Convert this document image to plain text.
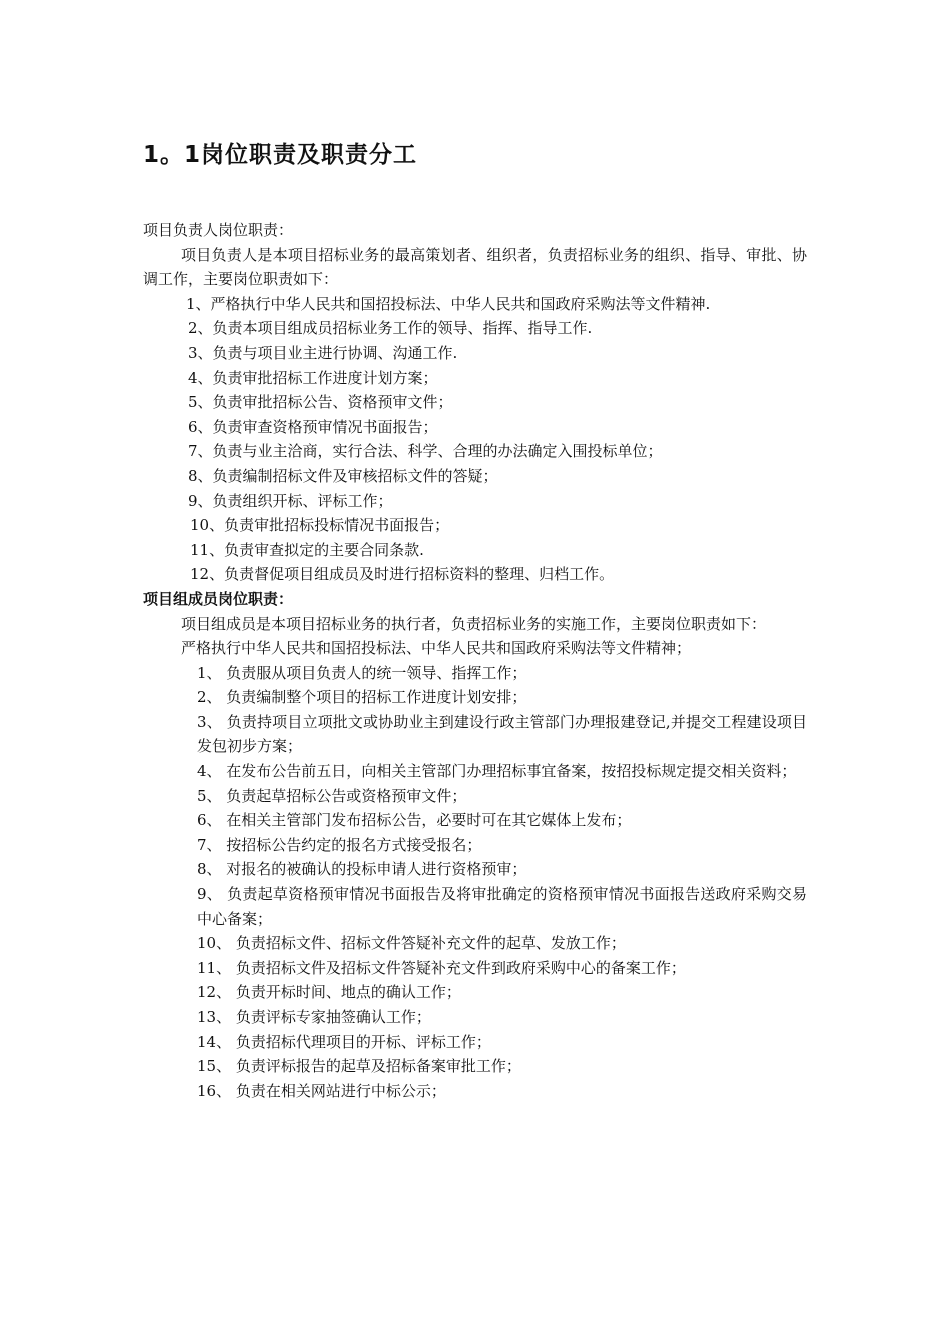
1。1岗位职责及职责分工

项目负责人岗位职责：

项目负责人是本项目招标业务的最高策划者、组织者，负责招标业务的组织、指导、审批、协调工作，主要岗位职责如下：

1、严格执行中华人民共和国招投标法、中华人民共和国政府采购法等文件精神.

2、负责本项目组成员招标业务工作的领导、指挥、指导工作.

3、负责与项目业主进行协调、沟通工作.

4、负责审批招标工作进度计划方案；

5、负责审批招标公告、资格预审文件；

6、负责审查资格预审情况书面报告；

7、负责与业主洽商，实行合法、科学、合理的办法确定入围投标单位；

8、负责编制招标文件及审核招标文件的答疑；

9、负责组织开标、评标工作；

10、负责审批招标投标情况书面报告；

11、负责审查拟定的主要合同条款.

12、负责督促项目组成员及时进行招标资料的整理、归档工作。

项目组成员岗位职责：

项目组成员是本项目招标业务的执行者，负责招标业务的实施工作，主要岗位职责如下：

严格执行中华人民共和国招投标法、中华人民共和国政府采购法等文件精神；

1、 负责服从项目负责人的统一领导、指挥工作；

2、 负责编制整个项目的招标工作进度计划安排；

3、 负责持项目立项批文或协助业主到建设行政主管部门办理报建登记,并提交工程建设项目发包初步方案；

4、 在发布公告前五日，向相关主管部门办理招标事宜备案，按招投标规定提交相关资料；

5、 负责起草招标公告或资格预审文件；

6、 在相关主管部门发布招标公告，必要时可在其它媒体上发布；

7、 按招标公告约定的报名方式接受报名；

8、 对报名的被确认的投标申请人进行资格预审；

9、 负责起草资格预审情况书面报告及将审批确定的资格预审情况书面报告送政府采购交易中心备案；

10、 负责招标文件、招标文件答疑补充文件的起草、发放工作；

11、 负责招标文件及招标文件答疑补充文件到政府采购中心的备案工作；

12、 负责开标时间、地点的确认工作；

13、 负责评标专家抽签确认工作；

14、 负责招标代理项目的开标、评标工作；

15、 负责评标报告的起草及招标备案审批工作；

16、 负责在相关网站进行中标公示；
